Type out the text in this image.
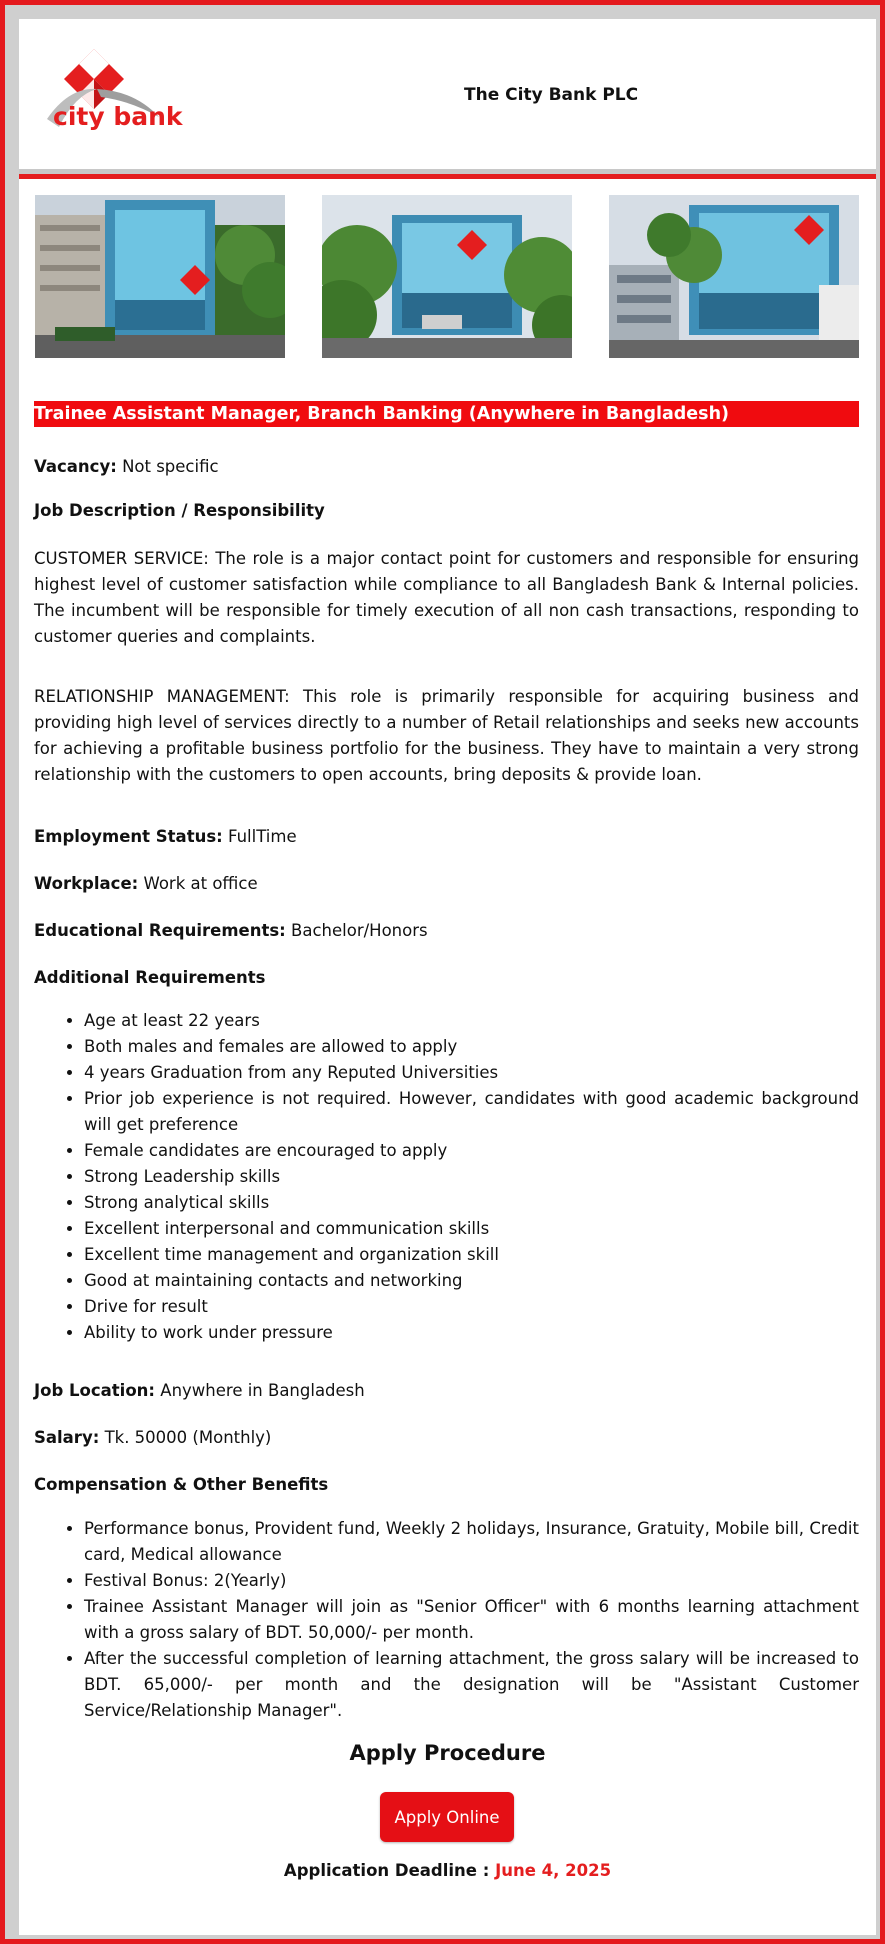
city bank
The City Bank PLC
Trainee Assistant Manager, Branch Banking (Anywhere in Bangladesh)
Vacancy: Not specific
Job Description / Responsibility

CUSTOMER SERVICE: The role is a major contact point for customers and responsible for ensuring highest level of customer satisfaction while compliance to all Bangladesh Bank & Internal policies. The incumbent will be responsible for timely execution of all non cash transactions, responding to customer queries and complaints.

RELATIONSHIP MANAGEMENT: This role is primarily responsible for acquiring business and providing high level of services directly to a number of Retail relationships and seeks new accounts for achieving a profitable business portfolio for the business. They have to maintain a very strong relationship with the customers to open accounts, bring deposits & provide loan.

Employment Status: FullTime
Workplace: Work at office
Educational Requirements: Bachelor/Honors
Additional Requirements
• Age at least 22 years
• Both males and females are allowed to apply
• 4 years Graduation from any Reputed Universities
• Prior job experience is not required. However, candidates with good academic background will get preference
• Female candidates are encouraged to apply
• Strong Leadership skills
• Strong analytical skills
• Excellent interpersonal and communication skills
• Excellent time management and organization skill
• Good at maintaining contacts and networking
• Drive for result
• Ability to work under pressure
Job Location: Anywhere in Bangladesh
Salary: Tk. 50000 (Monthly)
Compensation & Other Benefits
• Performance bonus, Provident fund, Weekly 2 holidays, Insurance, Gratuity, Mobile bill, Credit card, Medical allowance
• Festival Bonus: 2(Yearly)
• Trainee Assistant Manager will join as "Senior Officer" with 6 months learning attachment with a gross salary of BDT. 50,000/- per month.
• After the successful completion of learning attachment, the gross salary will be increased to BDT. 65,000/- per month and the designation will be "Assistant Customer Service/Relationship Manager".
Apply Procedure
Apply Online
Application Deadline : June 4, 2025
